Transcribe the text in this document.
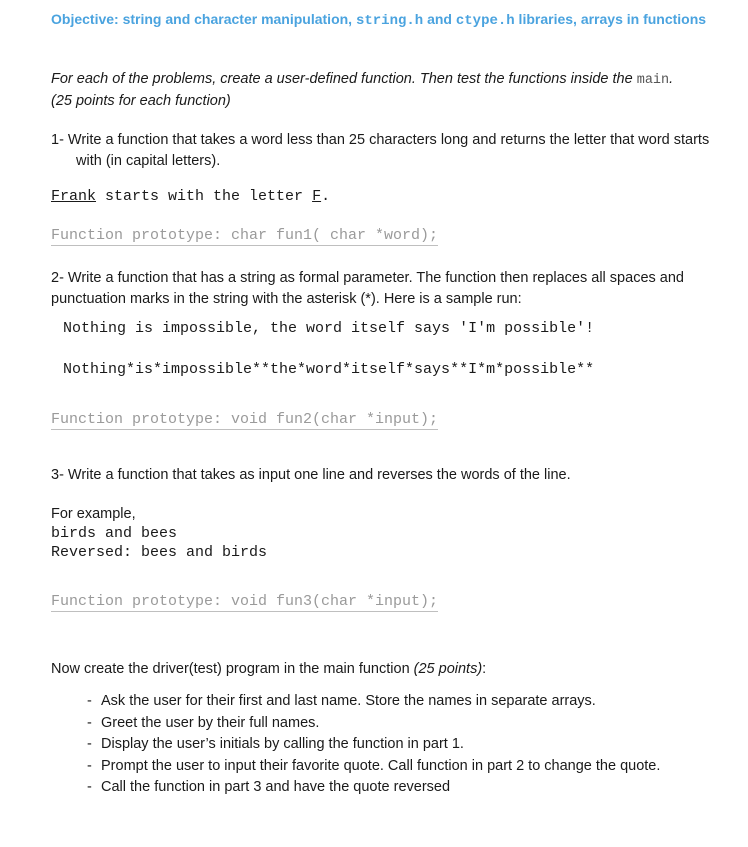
Objective: string and character manipulation, string.h and ctype.h libraries, arrays in functions
For each of the problems, create a user-defined function. Then test the functions inside the main.
(25 points for each function)
1- Write a function that takes a word less than 25 characters long and returns the letter that word starts with (in capital letters).
Frank starts with the letter F.
Function prototype: char fun1( char *word);
2- Write a function that has a string as formal parameter. The function then replaces all spaces and punctuation marks in the string with the asterisk (*). Here is a sample run:
Nothing is impossible, the word itself says 'I'm possible'!
Nothing*is*impossible**the*word*itself*says**I*m*possible**
Function prototype: void fun2(char *input);
3- Write a function that takes as input one line and reverses the words of the line.
For example,
birds and bees
Reversed: bees and birds
Function prototype: void fun3(char *input);
Now create the driver(test) program in the main function (25 points):
- Ask the user for their first and last name. Store the names in separate arrays.
- Greet the user by their full names.
- Display the user’s initials by calling the function in part 1.
- Prompt the user to input their favorite quote. Call function in part 2 to change the quote.
- Call the function in part 3 and have the quote reversed
